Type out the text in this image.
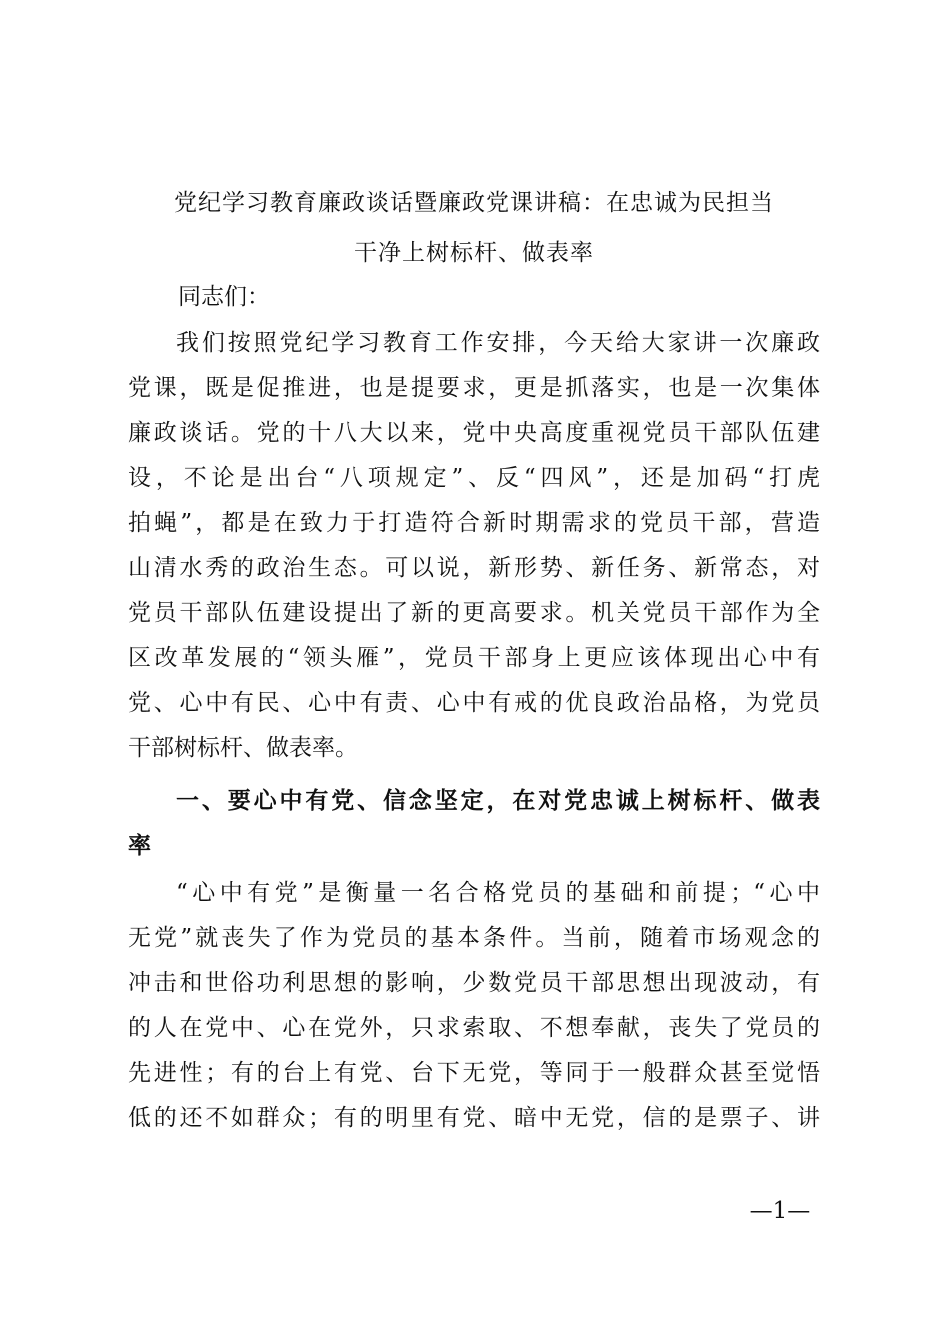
党纪学习教育廉政谈话暨廉政党课讲稿：在忠诚为民担当
干净上树标杆、做表率
同志们：
我们按照党纪学习教育工作安排，今天给大家讲一次廉政
党课，既是促推进，也是提要求，更是抓落实，也是一次集体
廉政谈话。党的十八大以来，党中央高度重视党员干部队伍建
设，不论是出台“八项规定”、反“四风”，还是加码“打虎
拍蝇”，都是在致力于打造符合新时期需求的党员干部，营造
山清水秀的政治生态。可以说，新形势、新任务、新常态，对
党员干部队伍建设提出了新的更高要求。机关党员干部作为全
区改革发展的“领头雁”，党员干部身上更应该体现出心中有
党、心中有民、心中有责、心中有戒的优良政治品格，为党员
干部树标杆、做表率。
一、要心中有党、信念坚定，在对党忠诚上树标杆、做表
率
“心中有党”是衡量一名合格党员的基础和前提；“心中
无党”就丧失了作为党员的基本条件。当前，随着市场观念的
冲击和世俗功利思想的影响，少数党员干部思想出现波动，有
的人在党中、心在党外，只求索取、不想奉献，丧失了党员的
先进性；有的台上有党、台下无党，等同于一般群众甚至觉悟
低的还不如群众；有的明里有党、暗中无党，信的是票子、讲
—1—
